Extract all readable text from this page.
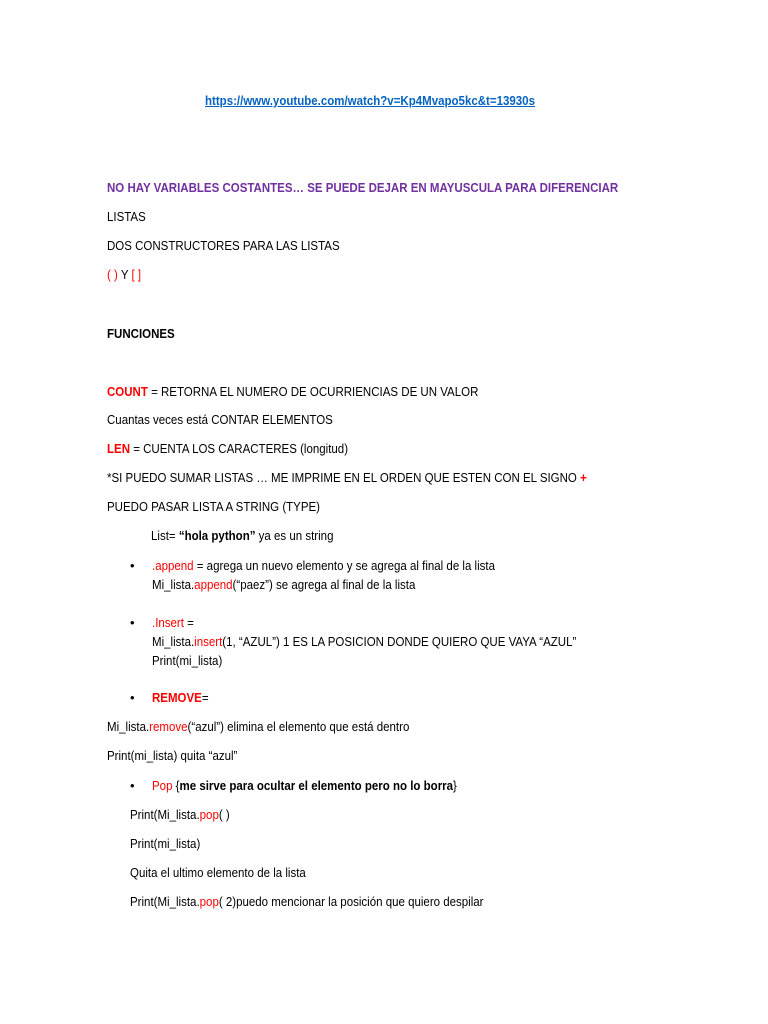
https://www.youtube.com/watch?v=Kp4Mvapo5kc&t=13930s
NO HAY VARIABLES COSTANTES… SE PUEDE DEJAR EN MAYUSCULA PARA DIFERENCIAR
LISTAS
DOS CONSTRUCTORES PARA LAS LISTAS
( ) Y [ ]
FUNCIONES
COUNT = RETORNA EL NUMERO DE OCURRIENCIAS DE UN VALOR
Cuantas veces está CONTAR ELEMENTOS
LEN = CUENTA LOS CARACTERES (longitud)
*SI PUEDO SUMAR LISTAS … ME IMPRIME EN EL ORDEN QUE ESTEN CON EL SIGNO +
PUEDO PASAR LISTA A STRING (TYPE)
List= “hola python” ya es un string
• .append = agrega un nuevo elemento y se agrega al final de la lista
Mi_lista.append(“paez”) se agrega al final de la lista
• .Insert =
Mi_lista.insert(1, “AZUL”) 1 ES LA POSICION DONDE QUIERO QUE VAYA “AZUL”
Print(mi_lista)
• REMOVE=
Mi_lista.remove(“azul”) elimina el elemento que está dentro
Print(mi_lista) quita “azul”
• Pop {me sirve para ocultar el elemento pero no lo borra}
Print(Mi_lista.pop( )
Print(mi_lista)
Quita el ultimo elemento de la lista
Print(Mi_lista.pop( 2)puedo mencionar la posición que quiero despilar
